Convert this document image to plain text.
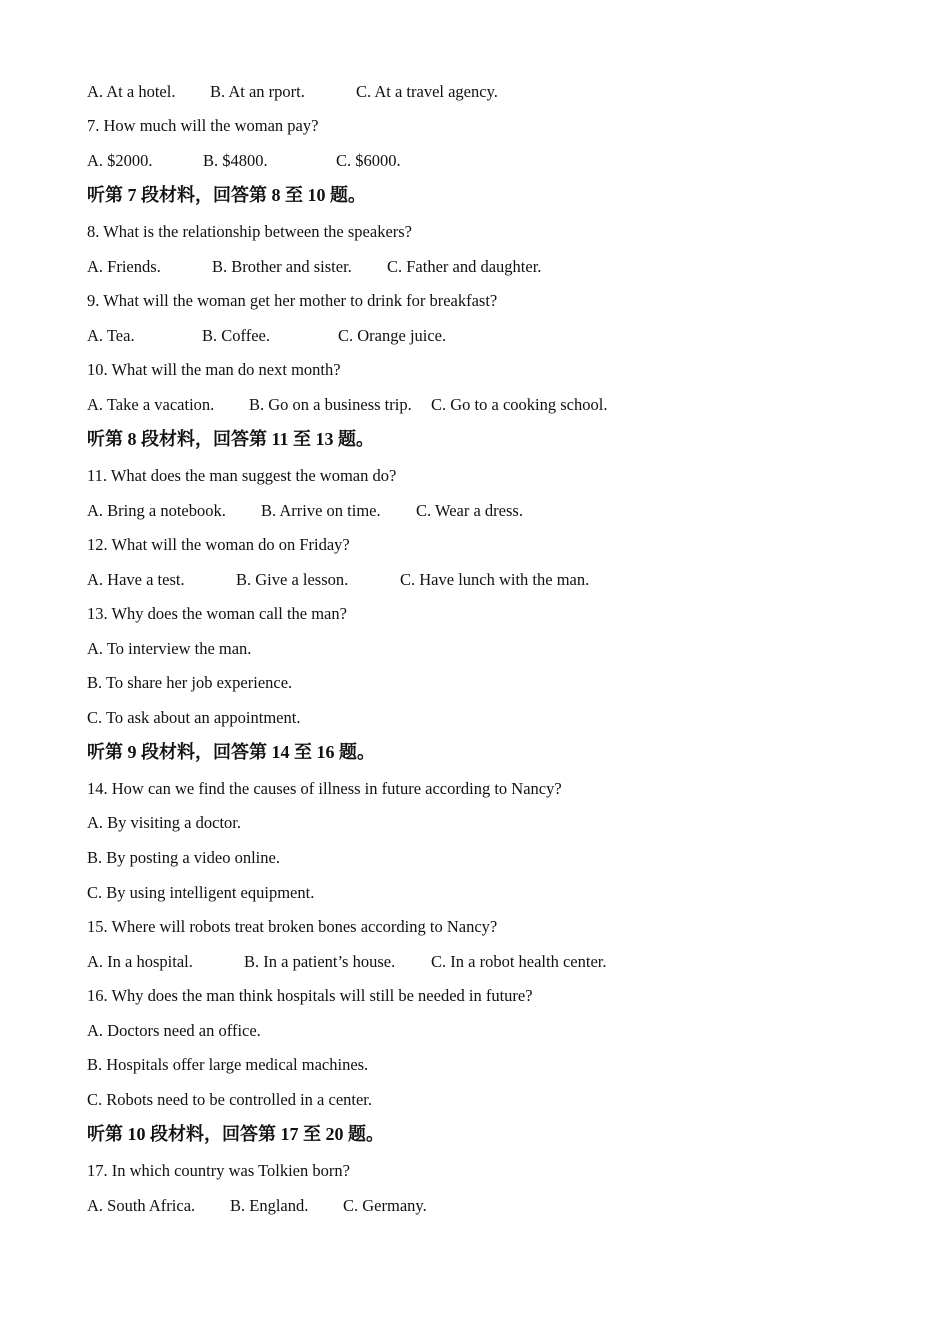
A. At a hotel. B. At an rport.	C. At a travel agency.
7. How much will the woman pay?
A. $2000.	B. $4800.	C. $6000.
听第 7 段材料，回答第 8 至 10 题。
8. What is the relationship between the speakers?
A. Friends.	B. Brother and sister. C. Father and daughter.
9. What will the woman get her mother to drink for breakfast?
A. Tea.	B. Coffee.	C. Orange juice.
10. What will the man do next month?
A. Take a vacation. B. Go on a business trip. C. Go to a cooking school.
听第 8 段材料，回答第 11 至 13 题。
11. What does the man suggest the woman do?
A. Bring a notebook. B. Arrive on time. C. Wear a dress.
12. What will the woman do on Friday?
A. Have a test.	B. Give a lesson.	C. Have lunch with the man.
13. Why does the woman call the man?
A. To interview the man.
B. To share her job experience.
C. To ask about an appointment.
听第 9 段材料，回答第 14 至 16 题。
14. How can we find the causes of illness in future according to Nancy?
A. By visiting a doctor.
B. By posting a video online.
C. By using intelligent equipment.
15. Where will robots treat broken bones according to Nancy?
A. In a hospital.	B. In a patient’s house. C. In a robot health center.
16. Why does the man think hospitals will still be needed in future?
A. Doctors need an office.
B. Hospitals offer large medical machines.
C. Robots need to be controlled in a center.
听第 10 段材料，回答第 17 至 20 题。
17. In which country was Tolkien born?
A. South Africa. B. England. C. Germany.
